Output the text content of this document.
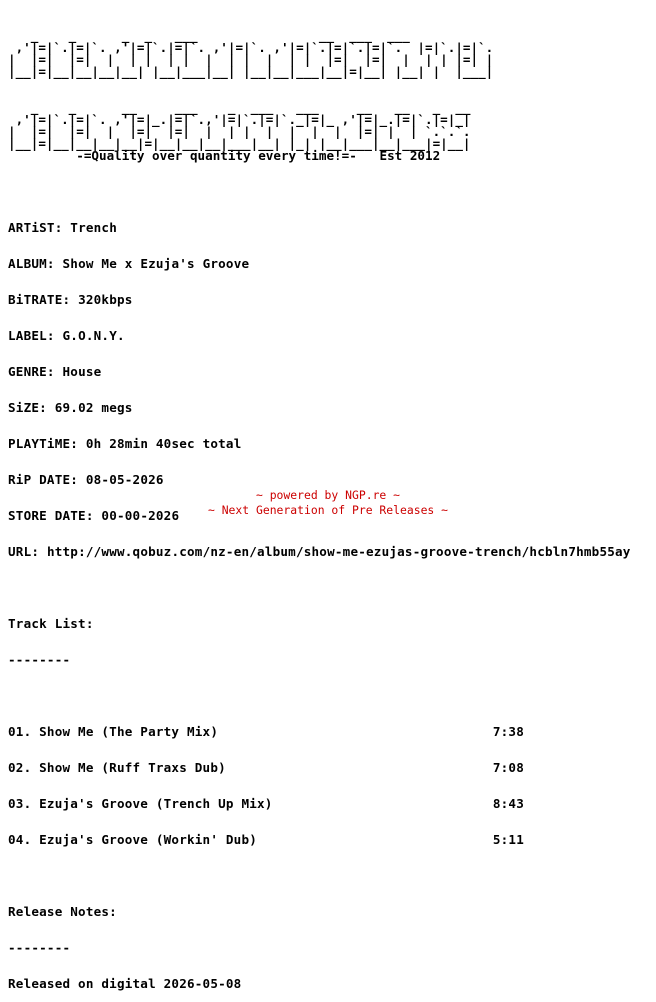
_    _      _  _   ___                __  ___  ___
,'|=|`.|=|`. ,'|=|`.|=|`. ,'|=|`. ,'|=|`.|=|`.|=|`.  |=|`.|=|`.
|  |=|  |=|  |  | |  | |  |  | |  |  | |  |=|  |=|  |  | | |=| |
|__|=|__|__|__|__| |__|___|__| |__|__|___|__|=|__| |__| |  |___|

_    _      __     ___    _  ___   ___     __   __   _  __
,'|=|`.|=|`. ,'|=|_.|=|`.,'|=|`.|=|`._|=|_ ,'|=|_.|=|`.|=|_|
|  |=|  |=|  |  |=|  |=|  |  | |  |  |  |  |  |=| |  | `.`.`.
|__|=|__|__|__|__|=|__|__|__|___|__| |_| |__|___|__|___|=|__|
-=Quality over quantity every time!=-   Est 2012

ARTiST: Trench

ALBUM: Show Me x Ezuja's Groove

BiTRATE: 320kbps

LABEL: G.O.N.Y.

GENRE: House

SiZE: 69.02 megs

PLAYTiME: 0h 28min 40sec total

RiP DATE: 08-05-2026

STORE DATE: 00-00-2026

URL: http://www.qobuz.com/nz-en/album/show-me-ezujas-groove-trench/hcbln7hmb55ay

Track List:

--------

01. Show Me (The Party Mix)	7:38

02. Show Me (Ruff Traxs Dub)	7:08

03. Ezuja's Groove (Trench Up Mix)	8:43

04. Ezuja's Groove (Workin' Dub)	5:11

Release Notes:

--------

Released on digital 2026-05-08

~ powered by NGP.re ~
~ Next Generation of Pre Releases ~
